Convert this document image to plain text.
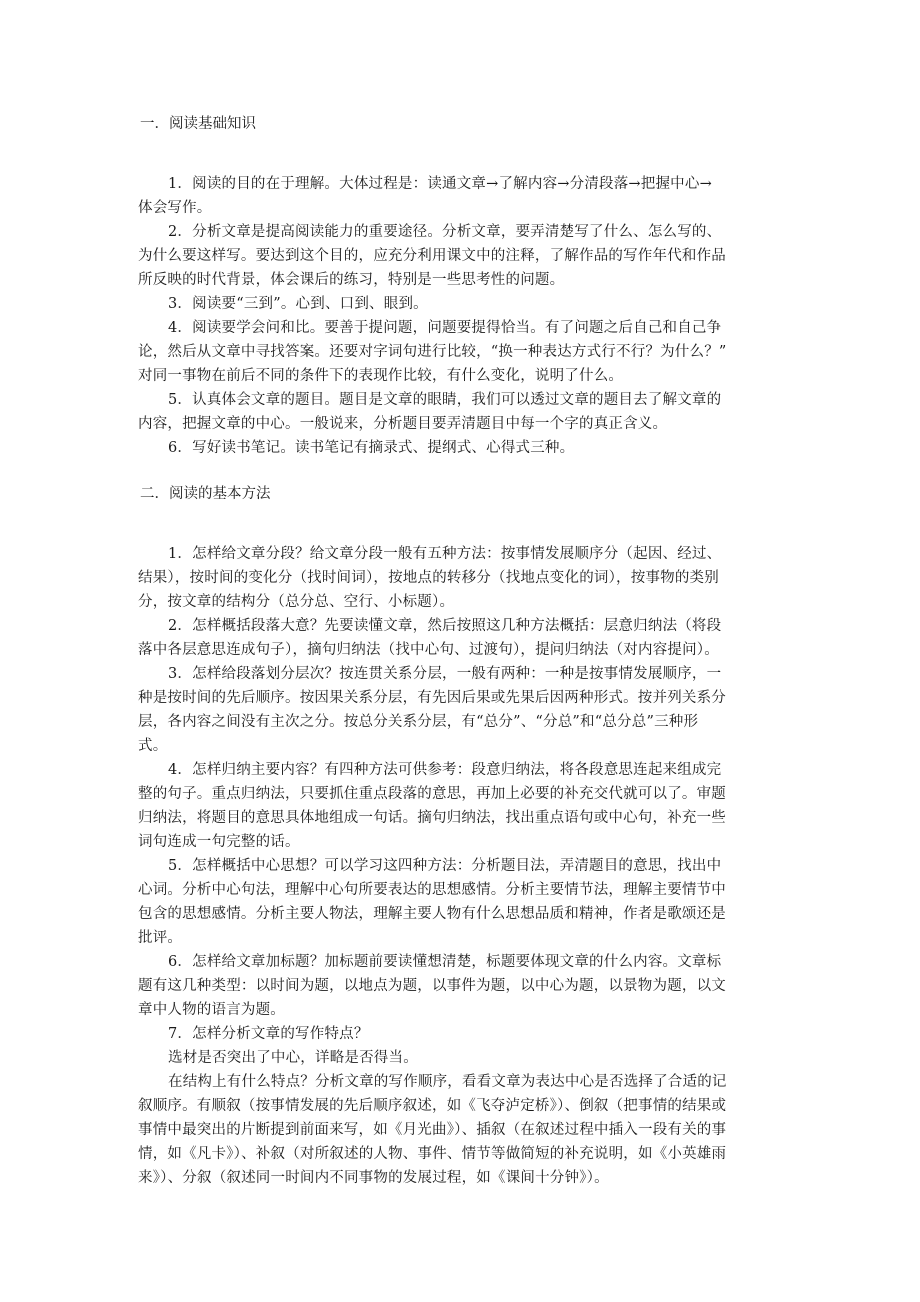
一．阅读基础知识
1．阅读的目的在于理解。大体过程是：读通文章→了解内容→分清段落→把握中心→
体会写作。
2．分析文章是提高阅读能力的重要途径。分析文章，要弄清楚写了什么、怎么写的、
为什么要这样写。要达到这个目的，应充分利用课文中的注释，了解作品的写作年代和作品
所反映的时代背景，体会课后的练习，特别是一些思考性的问题。
3．阅读要“三到”。心到、口到、眼到。
4．阅读要学会问和比。要善于提问题，问题要提得恰当。有了问题之后自己和自己争
论，然后从文章中寻找答案。还要对字词句进行比较，“换一种表达方式行不行？为什么？”
对同一事物在前后不同的条件下的表现作比较，有什么变化，说明了什么。
5．认真体会文章的题目。题目是文章的眼睛，我们可以透过文章的题目去了解文章的
内容，把握文章的中心。一般说来，分析题目要弄清题目中每一个字的真正含义。
6．写好读书笔记。读书笔记有摘录式、提纲式、心得式三种。
二．阅读的基本方法
1．怎样给文章分段？给文章分段一般有五种方法：按事情发展顺序分（起因、经过、
结果），按时间的变化分（找时间词），按地点的转移分（找地点变化的词），按事物的类别
分，按文章的结构分（总分总、空行、小标题）。
2．怎样概括段落大意？先要读懂文章，然后按照这几种方法概括：层意归纳法（将段
落中各层意思连成句子），摘句归纳法（找中心句、过渡句），提问归纳法（对内容提问）。
3．怎样给段落划分层次？按连贯关系分层，一般有两种：一种是按事情发展顺序，一
种是按时间的先后顺序。按因果关系分层，有先因后果或先果后因两种形式。按并列关系分
层，各内容之间没有主次之分。按总分关系分层，有“总分”、“分总”和“总分总”三种形
式。
4．怎样归纳主要内容？有四种方法可供参考：段意归纳法，将各段意思连起来组成完
整的句子。重点归纳法，只要抓住重点段落的意思，再加上必要的补充交代就可以了。审题
归纳法，将题目的意思具体地组成一句话。摘句归纳法，找出重点语句或中心句，补充一些
词句连成一句完整的话。
5．怎样概括中心思想？可以学习这四种方法：分析题目法，弄清题目的意思，找出中
心词。分析中心句法，理解中心句所要表达的思想感情。分析主要情节法，理解主要情节中
包含的思想感情。分析主要人物法，理解主要人物有什么思想品质和精神，作者是歌颂还是
批评。
6．怎样给文章加标题？加标题前要读懂想清楚，标题要体现文章的什么内容。文章标
题有这几种类型：以时间为题，以地点为题，以事件为题，以中心为题，以景物为题，以文
章中人物的语言为题。
7．怎样分析文章的写作特点？
选材是否突出了中心，详略是否得当。
在结构上有什么特点？分析文章的写作顺序，看看文章为表达中心是否选择了合适的记
叙顺序。有顺叙（按事情发展的先后顺序叙述，如《飞夺泸定桥》）、倒叙（把事情的结果或
事情中最突出的片断提到前面来写，如《月光曲》）、插叙（在叙述过程中插入一段有关的事
情，如《凡卡》）、补叙（对所叙述的人物、事件、情节等做简短的补充说明，如《小英雄雨
来》）、分叙（叙述同一时间内不同事物的发展过程，如《课间十分钟》）。
